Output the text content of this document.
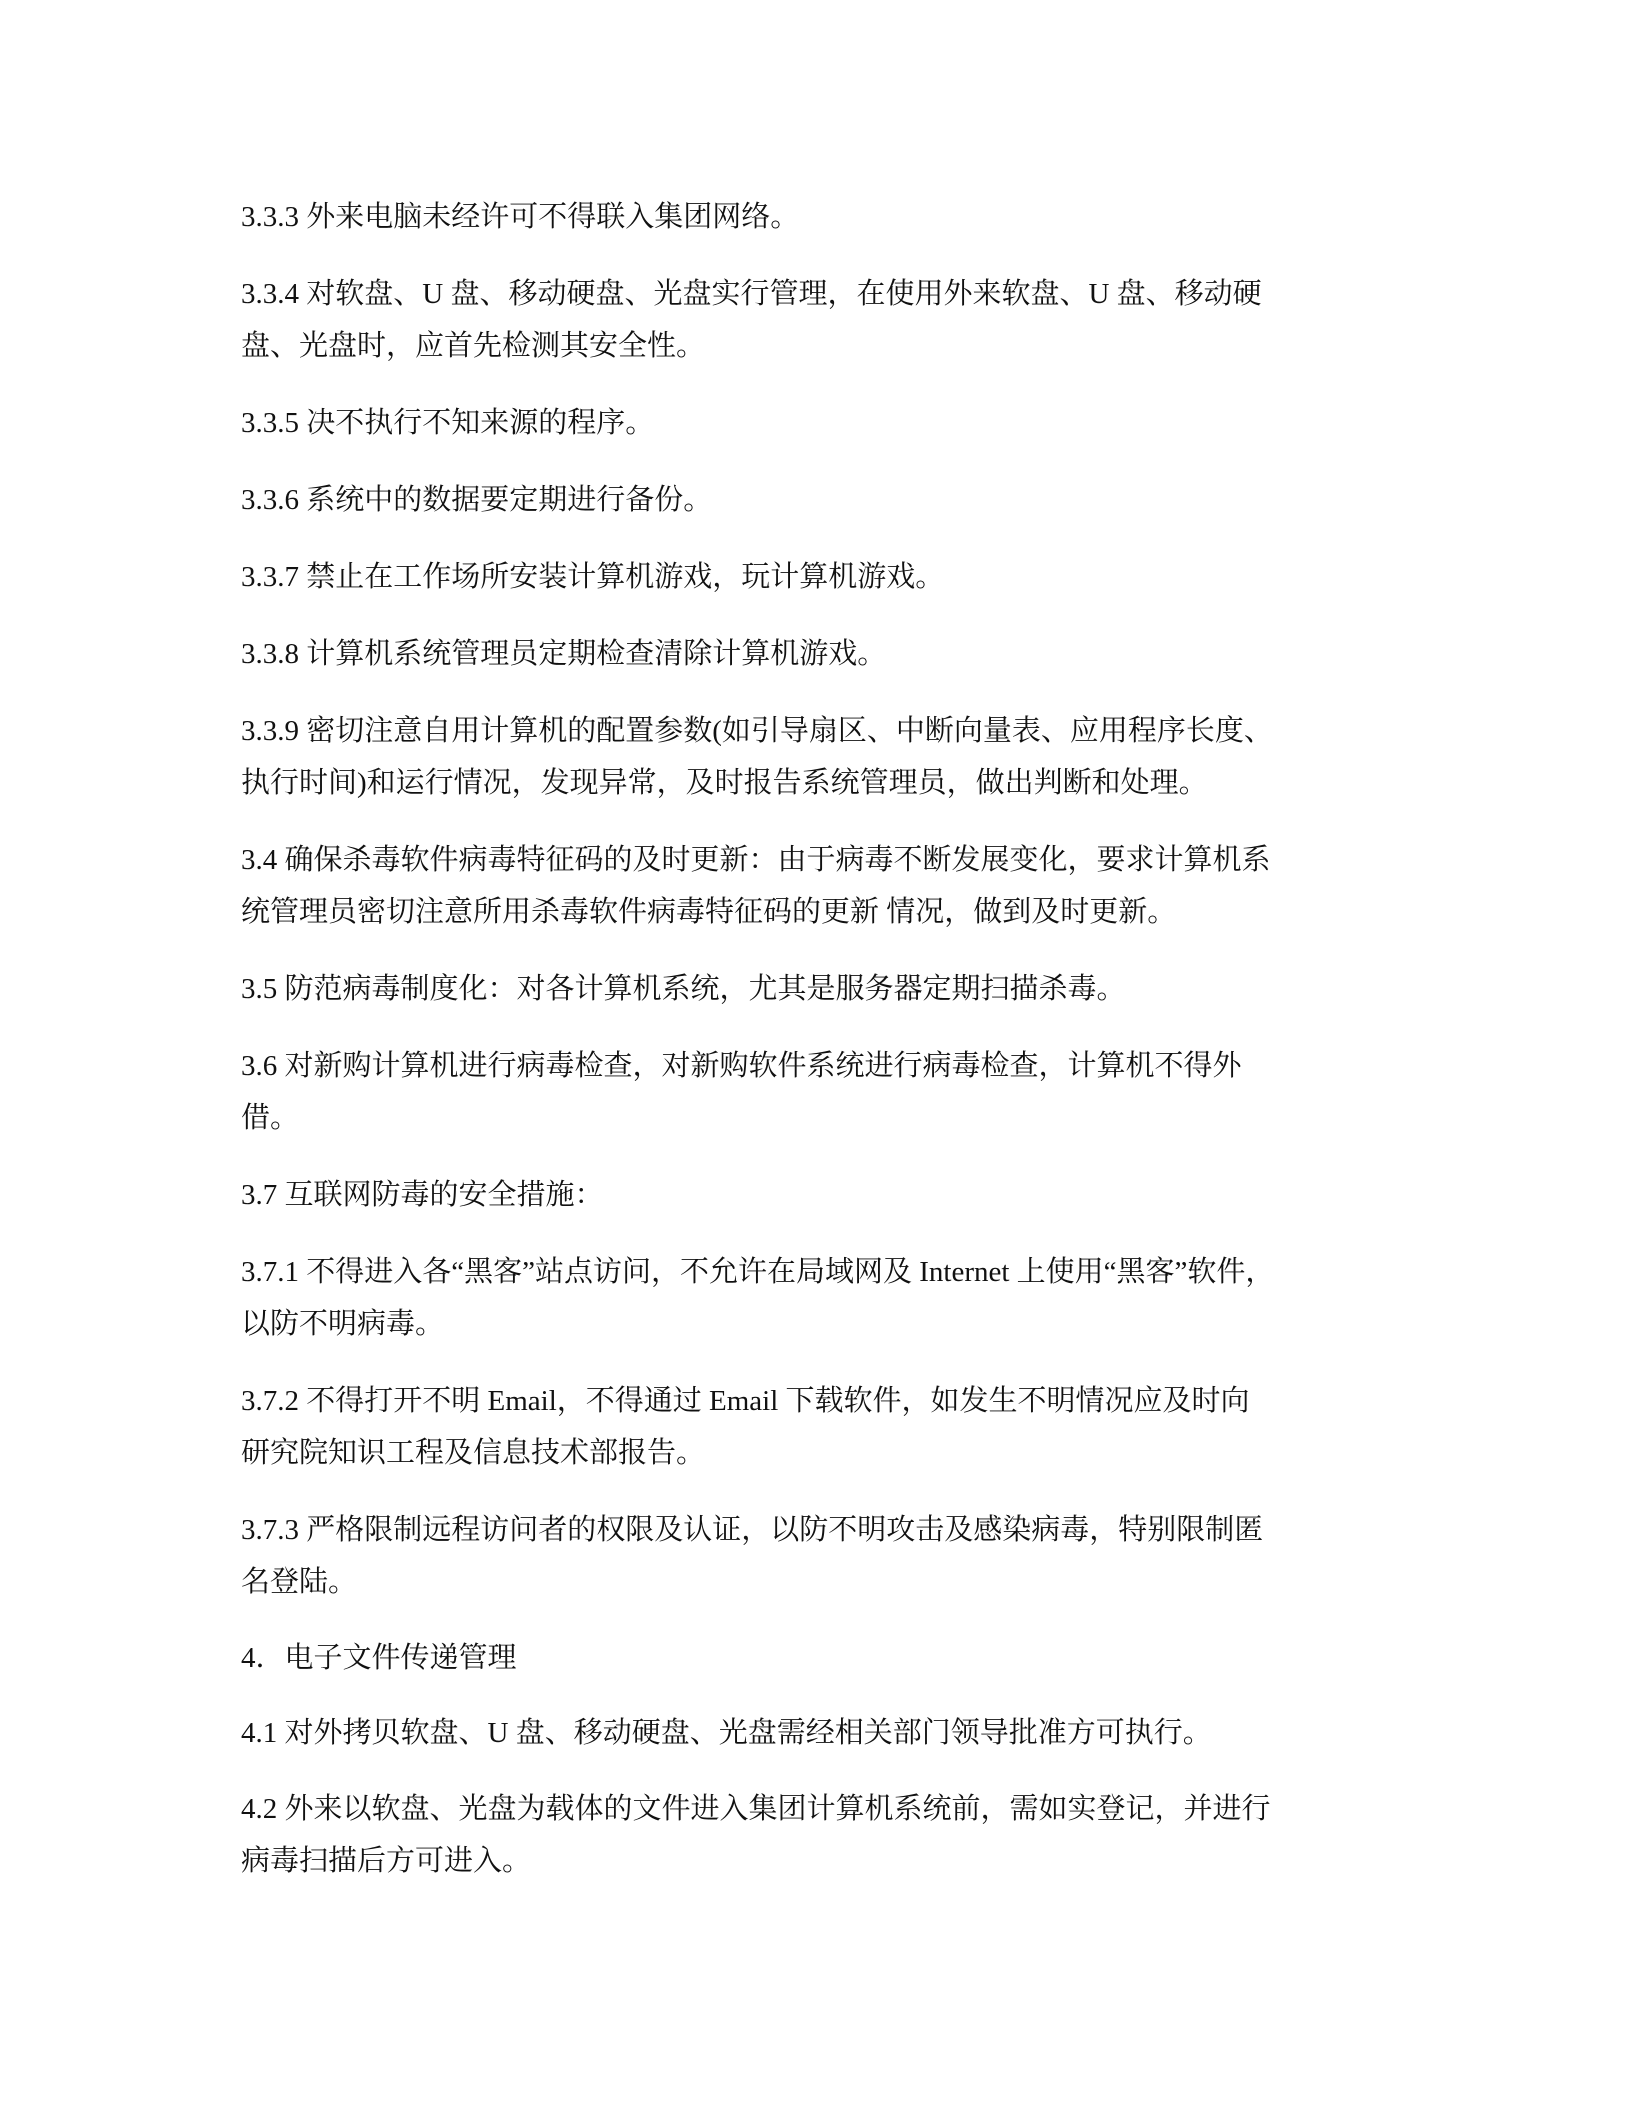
3.3.3 外来电脑未经许可不得联入集团网络。
3.3.4 对软盘、U 盘、移动硬盘、光盘实行管理，在使用外来软盘、U 盘、移动硬
盘、光盘时，应首先检测其安全性。
3.3.5 决不执行不知来源的程序。
3.3.6 系统中的数据要定期进行备份。
3.3.7 禁止在工作场所安装计算机游戏，玩计算机游戏。
3.3.8 计算机系统管理员定期检查清除计算机游戏。
3.3.9 密切注意自用计算机的配置参数(如引导扇区、中断向量表、应用程序长度、
执行时间)和运行情况，发现异常，及时报告系统管理员，做出判断和处理。
3.4 确保杀毒软件病毒特征码的及时更新：由于病毒不断发展变化，要求计算机系
统管理员密切注意所用杀毒软件病毒特征码的更新 情况，做到及时更新。
3.5 防范病毒制度化：对各计算机系统，尤其是服务器定期扫描杀毒。
3.6 对新购计算机进行病毒检查，对新购软件系统进行病毒检查，计算机不得外
借。
3.7 互联网防毒的安全措施：
3.7.1 不得进入各“黑客”站点访问，不允许在局域网及 Internet 上使用“黑客”软件，
以防不明病毒。
3.7.2 不得打开不明 Email，不得通过 Email 下载软件，如发生不明情况应及时向
研究院知识工程及信息技术部报告。
3.7.3 严格限制远程访问者的权限及认证，以防不明攻击及感染病毒，特别限制匿
名登陆。
4．电子文件传递管理
4.1 对外拷贝软盘、U 盘、移动硬盘、光盘需经相关部门领导批准方可执行。
4.2 外来以软盘、光盘为载体的文件进入集团计算机系统前，需如实登记，并进行
病毒扫描后方可进入。
